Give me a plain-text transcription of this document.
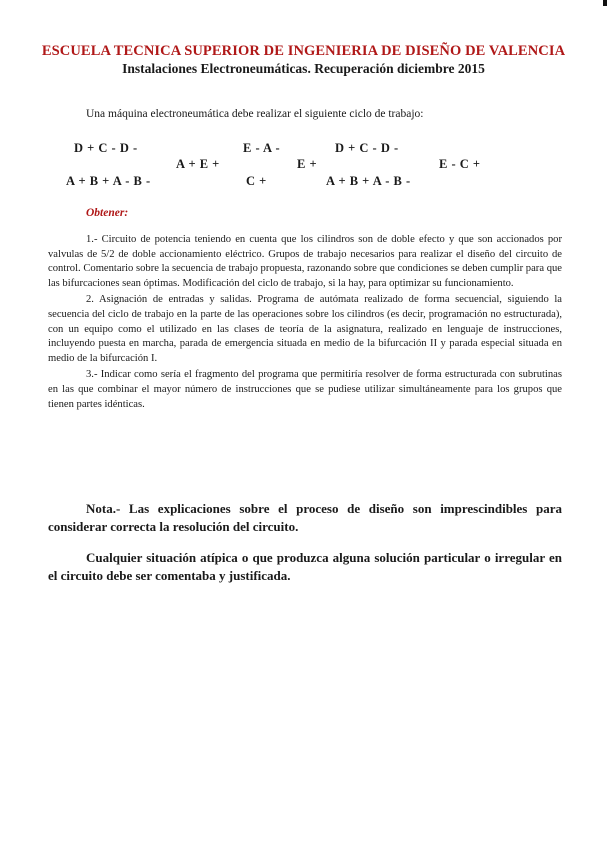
ESCUELA TECNICA SUPERIOR DE INGENIERIA DE DISEÑO DE VALENCIA
Instalaciones Electroneumáticas. Recuperación diciembre 2015
Una máquina electroneumática debe realizar el siguiente ciclo de trabajo:
D + C - D -
A + B + A - B -
A + E +
E - A -
C +
E +
D + C - D -
A + B + A - B -
E - C +
Obtener:

1.- Circuito de potencia teniendo en cuenta que los cilindros son de doble efecto y que son accionados por valvulas de 5/2 de doble accionamiento eléctrico. Grupos de trabajo necesarios para realizar el diseño del circuito de control. Comentario sobre la secuencia de trabajo propuesta, razonando sobre que condiciones se deben cumplir para que las bifurcaciones sean óptimas. Modificación del ciclo de trabajo, si la hay, para optimizar su funcionamiento.

2. Asignación de entradas y salidas. Programa de autómata realizado de forma secuencial, siguiendo la secuencia del ciclo de trabajo en la parte de las operaciones sobre los cilindros (es decir, programación no estructurada), con un equipo como el utilizado en las clases de teoría de la asignatura, realizado en lenguaje de instrucciones, incluyendo puesta en marcha, parada de emergencia situada en medio de la bifurcación II y parada especial situada en medio de la bifurcación I.

3.- Indicar como sería el fragmento del programa que permitiría resolver de forma estructurada con subrutinas en las que combinar el mayor número de instrucciones que se pudiese utilizar simultáneamente para los grupos que tienen partes idénticas.

Nota.- Las explicaciones sobre el proceso de diseño son imprescindibles para considerar correcta la resolución del circuito.

Cualquier situación atípica o que produzca alguna solución particular o irregular en el circuito debe ser comentaba y justificada.
